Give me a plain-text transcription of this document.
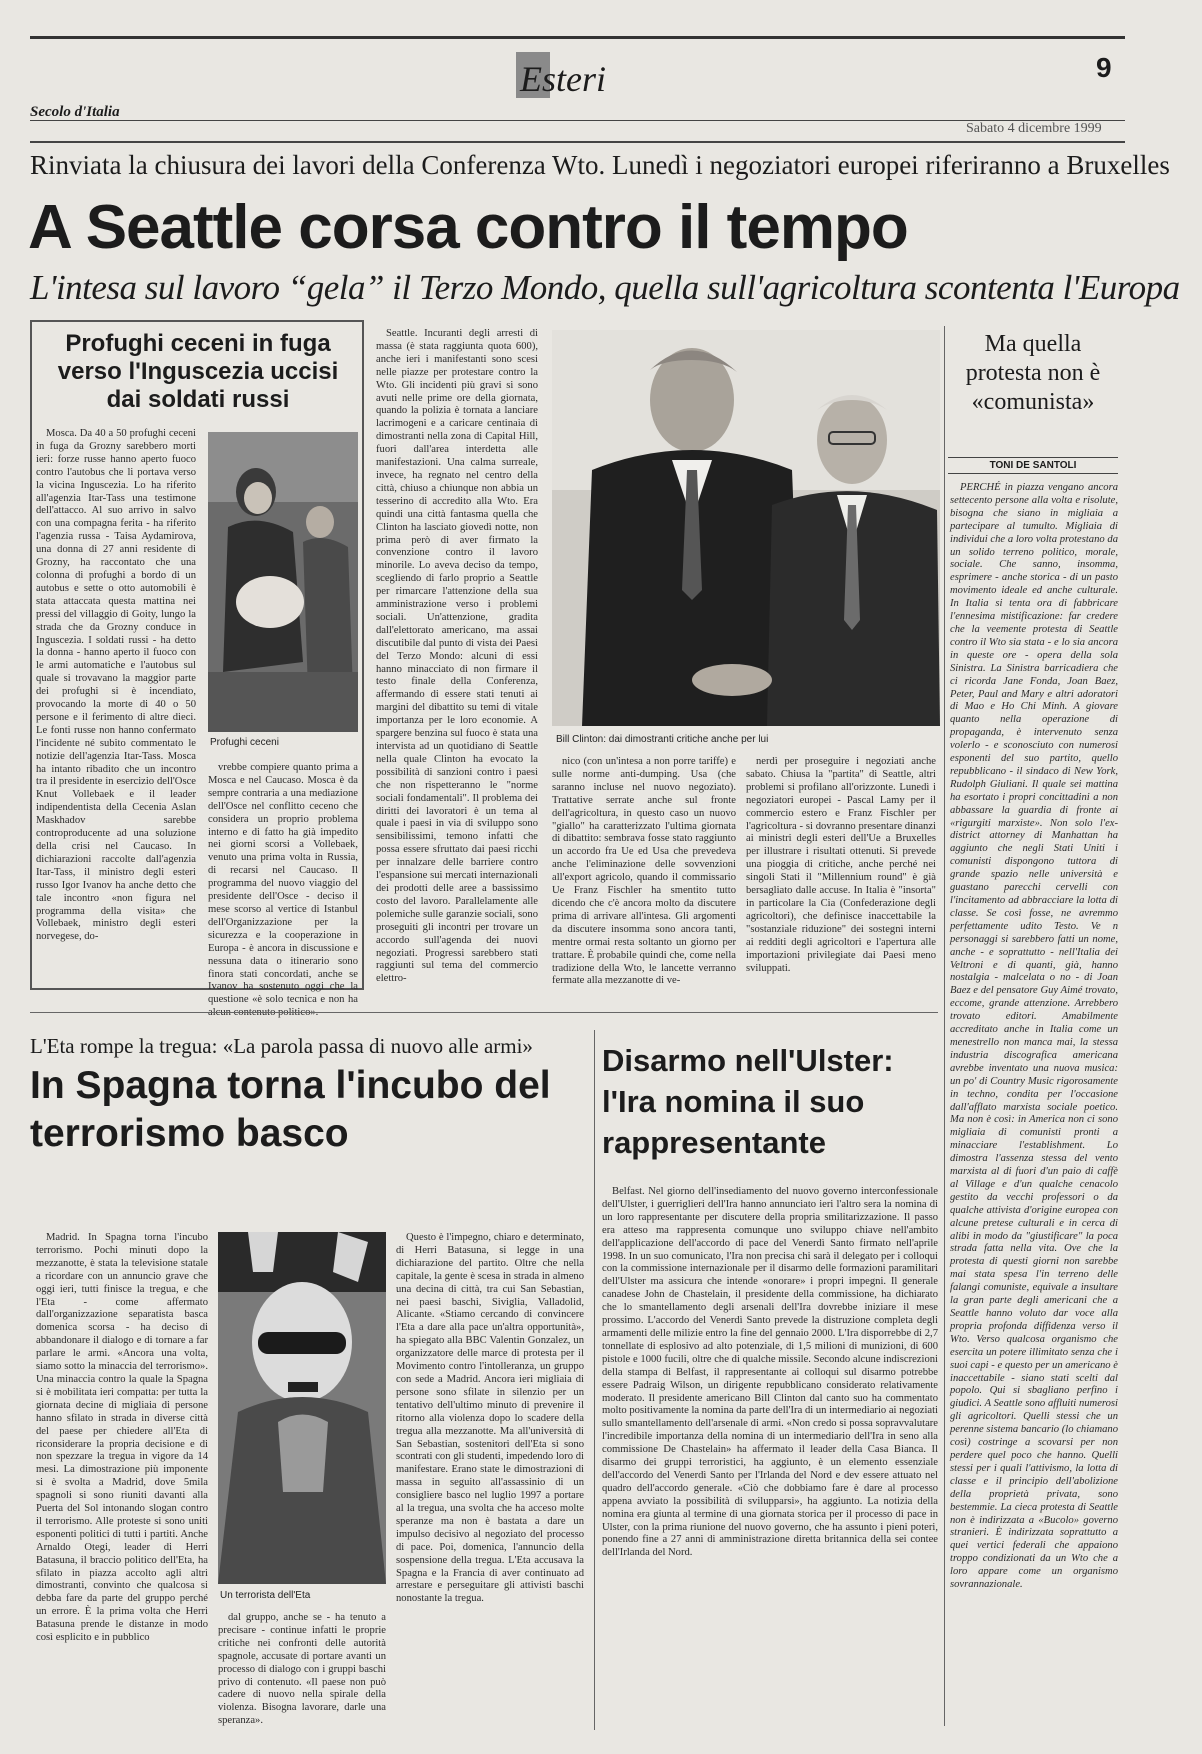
Esteri	9
Secolo d'Italia
Sabato 4 dicembre 1999
Rinviata la chiusura dei lavori della Conferenza Wto. Lunedì i negoziatori europei riferiranno a Bruxelles
A Seattle corsa contro il tempo
L'intesa sul lavoro “gela” il Terzo Mondo, quella sull'agricoltura scontenta l'Europa
Profughi ceceni in fuga verso l'Inguscezia uccisi dai soldati russi

Mosca. Da 40 a 50 profughi ceceni in fuga da Grozny sarebbero morti ieri: forze russe hanno aperto fuoco contro l'autobus che li portava verso la vicina Inguscezia. Lo ha riferito all'agenzia Itar-Tass una testimone dell'attacco. Al suo arrivo in salvo con una compagna ferita - ha riferito l'agenzia russa - Taisa Aydamirova, una donna di 27 anni residente di Grozny, ha raccontato che una colonna di profughi a bordo di un autobus e sette o otto automobili è stata attaccata questa mattina nei pressi del villaggio di Goity, lungo la strada che da Grozny conduce in Inguscezia. I soldati russi - ha detto la donna - hanno aperto il fuoco con le armi automatiche e l'autobus sul quale si trovavano la maggior parte dei profughi si è incendiato, provocando la morte di 40 o 50 persone e il ferimento di altre dieci. Le fonti russe non hanno confermato l'incidente né subito commentato le notizie dell'agenzia Itar-Tass. Mosca ha intanto ribadito che un incontro tra il presidente in esercizio dell'Osce Knut Vollebaek e il leader indipendentista della Cecenia Aslan Maskhadov sarebbe controproducente ad una soluzione della crisi nel Caucaso. In dichiarazioni raccolte dall'agenzia Itar-Tass, il ministro degli esteri russo Igor Ivanov ha anche detto che tale incontro «non figura nel programma della visita» che Vollebaek, ministro degli esteri norvegese, do-

Profughi ceceni

vrebbe compiere quanto prima a Mosca e nel Caucaso. Mosca è da sempre contraria a una mediazione dell'Osce nel conflitto ceceno che considera un proprio problema interno e di fatto ha già impedito nei giorni scorsi a Vollebaek, venuto una prima volta in Russia, di recarsi nel Caucaso. Il programma del nuovo viaggio del presidente dell'Osce - deciso il mese scorso al vertice di Istanbul dell'Organizzazione per la sicurezza e la cooperazione in Europa - è ancora in discussione e nessuna data o itinerario sono finora stati concordati, anche se Ivanov ha sostenuto oggi che la questione «è solo tecnica e non ha

Seattle. Incuranti degli arresti di massa (è stata raggiunta quota 600), anche ieri i manifestanti sono scesi nelle piazze per protestare contro la Wto. Gli incidenti più gravi si sono avuti nelle prime ore della giornata, quando la polizia è tornata a lanciare lacrimogeni e a caricare centinaia di dimostranti nella zona di Capital Hill, fuori dall'area interdetta alle manifestazioni. Una calma surreale, invece, ha regnato nel centro della città, chiuso a chiunque non abbia un tesserino di accredito alla Wto. Era quindi una città fantasma quella che Clinton ha lasciato giovedì notte, non prima però di aver firmato la convenzione contro il lavoro minorile. Lo aveva deciso da tempo, scegliendo di farlo proprio a Seattle per rimarcare l'attenzione della sua amministrazione verso i problemi sociali. Un'attenzione, gradita dall'elettorato americano, ma assai discutibile dal punto di vista dei Paesi del Terzo Mondo: alcuni di essi hanno minacciato di non firmare il testo finale della Conferenza, affermando di essere stati tenuti ai margini del dibattito su temi di vitale importanza per le loro economie. A spargere benzina sul fuoco è stata una intervista ad un quotidiano di Seattle nella quale Clinton ha evocato la possibilità di sanzioni contro i paesi che non rispetteranno le "norme sociali fondamentali". Il problema dei diritti dei lavoratori è un tema al quale i paesi in via di sviluppo sono sensibilissimi, temono infatti che possa essere sfruttato dai paesi ricchi per innalzare delle barriere contro l'espansione sui mercati internazionali dei prodotti delle aree a bassissimo costo del lavoro. Parallelamente alle polemiche sulle garanzie sociali, sono proseguiti gli incontri per trovare un accordo sull'agenda dei nuovi negoziati. Progressi sarebbero stati raggiunti sul tema del commercio elettro-

Bill Clinton: dai dimostranti critiche anche per lui

nico (con un'intesa a non porre tariffe) e sulle norme anti-dumping. Usa (che saranno incluse nel nuovo negoziato). Trattative serrate anche sul fronte dell'agricoltura, in questo caso un nuovo "giallo" ha caratterizzato l'ultima giornata di dibattito: sembrava fosse stato raggiunto un accordo fra Ue ed Usa che prevedeva anche l'eliminazione delle sovvenzioni all'export agricolo, quando il commissario Ue Franz Fischler ha smentito tutto dicendo che c'è ancora molto da discutere prima di arrivare all'intesa. Gli argomenti da discutere insomma sono ancora tanti, mentre ormai resta soltanto un giorno per trattare. È probabile quindi che, come nella tradizione della Wto, le lancette verranno fermate alla mezzanotte di ve-

nerdì per proseguire i negoziati anche sabato. Chiusa la "partita" di Seattle, altri problemi si profilano all'orizzonte. Lunedì i negoziatori europei - Pascal Lamy per il commercio estero e Franz Fischler per l'agricoltura - si dovranno presentare dinanzi ai ministri degli esteri dell'Ue a Bruxelles per illustrare i risultati ottenuti. Si prevede una pioggia di critiche, anche perché nei singoli Stati il "Millennium round" è già bersagliato dalle accuse. In Italia è "insorta" in particolare la Cia (Confederazione degli agricoltori), che definisce inaccettabile la "sostanziale riduzione" dei sostegni interni ai redditi degli agricoltori e l'apertura alle importazioni privilegiate dai Paesi meno sviluppati.

Ma quella protesta non è «comunista»
TONI DE SANTOLI

PERCHÉ in piazza vengano ancora settecento persone alla volta e risolute, bisogna che siano in migliaia a partecipare al tumulto. Migliaia di individui che a loro volta protestano da un solido terreno politico, morale, sociale. Che sanno, insomma, esprimere - anche storica - di un pasto movimento ideale ed anche culturale. In Italia si tenta ora di fabbricare l'ennesima mistificazione: far credere che la veemente protesta di Seattle contro il Wto sia stata - e lo sia ancora in queste ore - opera della sola Sinistra. La Sinistra barricadiera che ci ricorda Jane Fonda, Joan Baez, Peter, Paul and Mary e altri adoratori di Mao e Ho Chi Minh. A giovare quanto nella operazione di propaganda, è intervenuto senza volerlo - e sconosciuto con numerosi esponenti del suo partito, quello repubblicano - il sindaco di New York, Rudolph Giuliani. Il quale sei mattina ha esortato i propri concittadini a non abbassare la guardia di fronte ai «rigurgiti marxiste». Non solo l'ex-district attorney di Manhattan ha aggiunto che negli Stati Uniti i comunisti dispongono tuttora di grande spazio nelle università e guastano parecchi cervelli con l'incitamento ad abbracciare la lotta di classe. Se così fosse, ne avremmo perfettamente udito Testo. Ve n personaggi si sarebbero fatti un nome, anche - e soprattutto - nell'Italia dei Veltroni e di quanti, già, hanno nostalgia - malcelata o no - di Joan Baez e del pensatore Guy Aimé trovato, eccome, grande attenzione. Arrebbero trovato editori. Amabilmente accreditato anche in Italia come un menestrello non manca mai, la stessa industria discografica americana avrebbe inventato una nuova musica: un po' di Country Music rigorosamente in techno, condita per l'occasione dall'afflato marxista sociale poetico. Ma non è così: in America non ci sono migliaia di comunisti pronti a minacciare l'establishment. Lo dimostra l'assenza stessa del vento marxista al di fuori d'un paio di caffè al Village e d'un qualche cenacolo gestito da vecchi professori o da qualche attivista d'origine europea con alcune pretese culturali e in cerca di alibi in modo da "giustificare" la poca strada fatta nella vita. Ove che la protesta di questi giorni non sarebbe mai stata spesa l'in terreno delle falangi comuniste, equivale a insultare la gran parte degli americani che a Seattle hanno voluto dar voce alla propria profonda diffidenza verso il Wto. Verso qualcosa organismo che esercita un potere illimitato senza che i suoi capi - e questo per un americano è inaccettabile - siano stati scelti dal popolo. Qui si sbagliano perfino i giudici. A Seattle sono affluiti numerosi gli agricoltori. Quelli stessi che un perenne sistema bancario (lo chiamano così) costringe a scovarsi per non perdere quel poco che hanno. Quelli stessi per i quali l'attivismo, la lotta di classe e il principio dell'abolizione della proprietà privata, sono bestemmie. La cieca protesta di Seattle non è indirizzata a «Bucolo» governo stranieri. È indirizzata soprattutto a quei vertici federali che appaiono troppo condizionati da un Wto che a loro appare come un organismo sovrannazionale.

L'Eta rompe la tregua: «La parola passa di nuovo alle armi»
In Spagna torna l'incubo del terrorismo basco

Madrid. In Spagna torna l'incubo terrorismo. Pochi minuti dopo la mezzanotte, è stata la televisione statale a ricordare con un annuncio grave che oggi ieri, tutti finisce la tregua, e che l'Eta - come affermato dall'organizzazione separatista basca domenica scorsa - ha deciso di abbandonare il dialogo e di tornare a far parlare le armi. «Ancora una volta, siamo sotto la minaccia del terrorismo». Una minaccia contro la quale la Spagna si è mobilitata ieri compatta: per tutta la giornata decine di migliaia di persone hanno sfilato in strada in diverse città del paese per chiedere all'Eta di riconsiderare la propria decisione e di non spezzare la tregua in vigore da 14 mesi. La dimostrazione più imponente si è svolta a Madrid, dove 5mila spagnoli si sono riuniti davanti alla Puerta del Sol intonando slogan contro il terrorismo. Alle proteste si sono uniti esponenti politici di tutti i partiti. Anche Arnaldo Otegi, leader di Herri Batasuna, il braccio politico dell'Eta, ha sfilato in piazza accolto agli altri dimostranti, convinto che qualcosa si debba fare da parte del gruppo perché un errore. È la prima volta che Herri Batasuna prende le distanze in modo così esplicito e in pubblico

Un terrorista dell'Eta

dal gruppo, anche se - ha tenuto a precisare - continue infatti le proprie critiche nei confronti delle autorità spagnole, accusate di portare avanti un processo di dialogo con i gruppi baschi privo di contenuto. «Il paese non può cadere di nuovo nella spirale della violenza. Bisogna lavorare, darle una speranza».

Questo è l'impegno, chiaro e determinato, di Herri Batasuna, si legge in una dichiarazione del partito. Oltre che nella capitale, la gente è scesa in strada in almeno una decina di città, tra cui San Sebastian, nei paesi baschi, Siviglia, Valladolid, Alicante. «Stiamo cercando di convincere l'Eta a dare alla pace un'altra opportunità», ha spiegato alla BBC Valentin Gonzalez, un organizzatore delle marce di protesta per il Movimento contro l'intolleranza, un gruppo con sede a Madrid. Ancora ieri migliaia di persone sono sfilate in silenzio per un tentativo dell'ultimo minuto di prevenire il ritorno alla violenza dopo lo scadere della tregua alla mezzanotte. Ma all'università di San Sebastian, sostenitori dell'Eta si sono scontrati con gli studenti, impedendo loro di manifestare. Erano state le dimostrazioni di massa in seguito all'assassinio di un consigliere basco nel luglio 1997 a portare al la tregua, una svolta che ha acceso molte speranze ma non è bastata a dare un impulso decisivo al negoziato del processo di pace. Poi, domenica, l'annuncio della sospensione della tregua. L'Eta accusava la Spagna e la Francia di aver continuato ad arrestare e perseguitare gli attivisti baschi nonostante la tregua.

Disarmo nell'Ulster: l'Ira nomina il suo rappresentante

Belfast. Nel giorno dell'insediamento del nuovo governo interconfessionale dell'Ulster, i guerriglieri dell'Ira hanno annunciato ieri l'altro sera la nomina di un loro rappresentante per discutere della propria smilitarizzazione. Il passo era atteso ma rappresenta comunque uno sviluppo chiave nell'ambito dell'applicazione dell'accordo di pace del Venerdì Santo firmato nell'aprile 1998. In un suo comunicato, l'Ira non precisa chi sarà il delegato per i colloqui con la commissione internazionale per il disarmo delle formazioni paramilitari dell'Ulster ma assicura che intende «onorare» i propri impegni. Il generale canadese John de Chastelain, il presidente della commissione, ha dichiarato che lo smantellamento degli arsenali dell'Ira dovrebbe iniziare il mese prossimo. L'accordo del Venerdì Santo prevede la distruzione completa degli armamenti delle milizie entro la fine del gennaio 2000. L'Ira disporrebbe di 2,7 tonnellate di esplosivo ad alto potenziale, di 1,5 milioni di munizioni, di 600 pistole e 1000 fucili, oltre che di qualche missile. Secondo alcune indiscrezioni della stampa di Belfast, il rappresentante ai colloqui sul disarmo potrebbe essere Padraig Wilson, un dirigente repubblicano considerato relativamente moderato. Il presidente americano Bill Clinton dal canto suo ha commentato molto positivamente la nomina da parte dell'Ira di un intermediario ai negoziati sullo smantellamento dell'arsenale di armi. «Non credo si possa sopravvalutare l'incredibile importanza della nomina di un intermediario dell'Ira in seno alla commissione De Chastelain» ha affermato il leader della Casa Bianca. Il disarmo dei gruppi terroristici, ha aggiunto, è un elemento essenziale dell'accordo del Venerdì Santo per l'Irlanda del Nord e dev essere attuato nel quadro dell'accordo generale. «Ciò che dobbiamo fare è dare al processo appena avviato la possibilità di svilupparsi», ha aggiunto. La notizia della nomina era giunta al termine di una giornata storica per il processo di pace in Ulster, con la prima riunione del nuovo governo, che ha assunto i pieni poteri, ponendo fine a 27 anni di amministrazione diretta britannica della sei contee dell'Irlanda del Nord.
